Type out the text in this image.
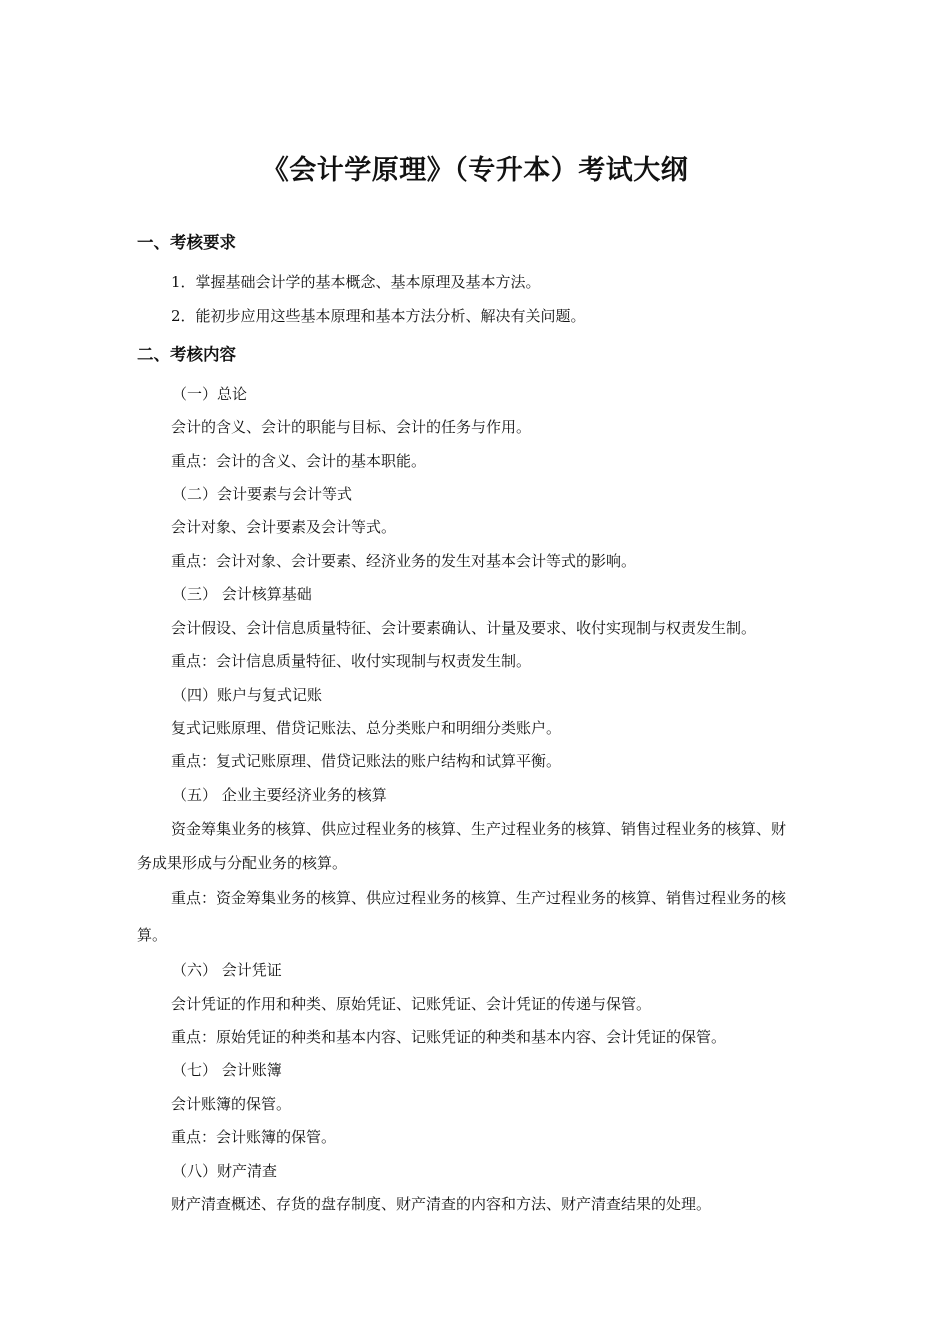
《会计学原理》（专升本）考试大纲
一、考核要求
1．掌握基础会计学的基本概念、基本原理及基本方法。
2．能初步应用这些基本原理和基本方法分析、解决有关问题。
二、考核内容
（一）总论
会计的含义、会计的职能与目标、会计的任务与作用。
重点：会计的含义、会计的基本职能。
（二）会计要素与会计等式
会计对象、会计要素及会计等式。
重点：会计对象、会计要素、经济业务的发生对基本会计等式的影响。
（三） 会计核算基础
会计假设、会计信息质量特征、会计要素确认、计量及要求、收付实现制与权责发生制。
重点：会计信息质量特征、收付实现制与权责发生制。
（四）账户与复式记账
复式记账原理、借贷记账法、总分类账户和明细分类账户。
重点：复式记账原理、借贷记账法的账户结构和试算平衡。
（五） 企业主要经济业务的核算
资金筹集业务的核算、供应过程业务的核算、生产过程业务的核算、销售过程业务的核算、财
务成果形成与分配业务的核算。
重点：资金筹集业务的核算、供应过程业务的核算、生产过程业务的核算、销售过程业务的核
算。
（六） 会计凭证
会计凭证的作用和种类、原始凭证、记账凭证、会计凭证的传递与保管。
重点：原始凭证的种类和基本内容、记账凭证的种类和基本内容、会计凭证的保管。
（七） 会计账簿
会计账簿的保管。
重点：会计账簿的保管。
（八）财产清查
财产清查概述、存货的盘存制度、财产清查的内容和方法、财产清查结果的处理。
